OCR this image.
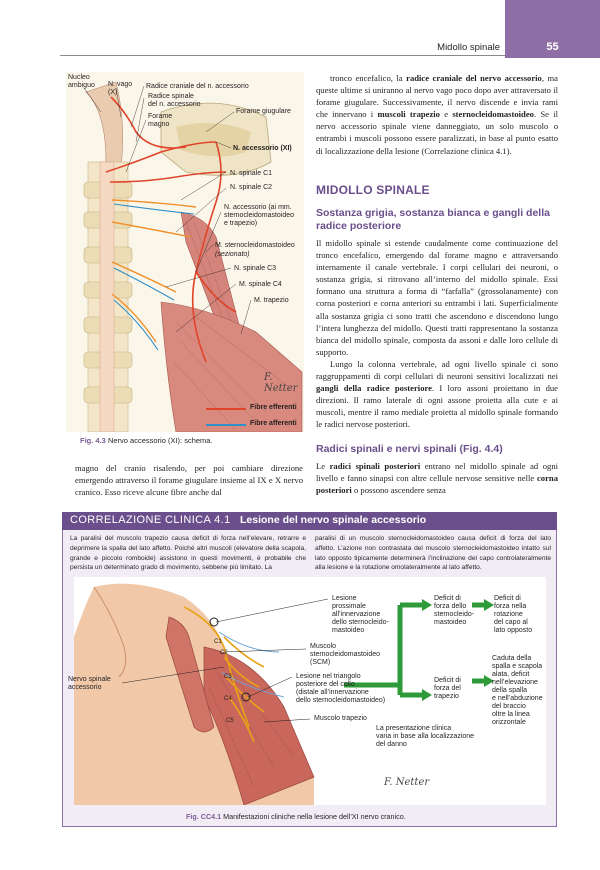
Midollo spinale	55
Nucleo
ambiguo N. vago
(X)
Radice craniale del n. accessorio
Radice spinale
del n. accessorio
Forame
magno
Forame giugulare
N. accessorio (XI)
N. spinale C1
N. spinale C2
N. accessorio (ai mm.
sternocleidomastoideo
e trapezio)
M. sternocleidomastoideo
(sezionato)
N. spinale C3
M. spinale C4
M. trapezio
F. Netter
Fibre efferenti
Fibre afferenti
Fig. 4.3 Nervo accessorio (XI): schema.

magno del cranio risalendo, per poi cambiare direzione emergendo attraverso il forame giugulare insieme al IX e X nervo cranico. Esso riceve alcune fibre anche dal

tronco encefalico, la radice craniale del nervo accessorio, ma queste ultime si uniranno al nervo vago poco dopo aver attraversato il forame giugulare. Successivamente, il nervo discende e invia rami che innervano i muscoli trapezio e sternocleidomastoideo. Se il nervo accessorio spinale viene danneggiato, un solo muscolo o entrambi i muscoli possono essere paralizzati, in base al punto esatto di localizzazione della lesione (Correlazione clinica 4.1).

MIDOLLO SPINALE
Sostanza grigia, sostanza bianca e gangli della radice posteriore

Il midollo spinale si estende caudalmente come continuazione del tronco encefalico, emergendo dal forame magno e attraversando internamente il canale vertebrale. I corpi cellulari dei neuroni, o sostanza grigia, si ritrovano all’interno del midollo spinale. Essi formano una struttura a forma di “farfalla” (grossolanamente) con corna posteriori e corna anteriori su entrambi i lati. Superficialmente alla sostanza grigia ci sono tratti che ascendono e discendono lungo l’intera lunghezza del midollo. Questi tratti rappresentano la sostanza bianca del midollo spinale, composta da assoni e dalle loro cellule di supporto.

Lungo la colonna vertebrale, ad ogni livello spinale ci sono raggruppamenti di corpi cellulari di neuroni sensitivi localizzati nei gangli della radice posteriore. I loro assoni proiettano in due direzioni. Il ramo laterale di ogni assone proietta alla cute e ai muscoli, mentre il ramo mediale proietta al midollo spinale formando le radici nervose posteriori.

Radici spinali e nervi spinali (Fig. 4.4)

Le radici spinali posteriori entrano nel midollo spinale ad ogni livello e fanno sinapsi con altre cellule nervose sensitive nelle corna posteriori o possono ascendere senza

CORRELAZIONE CLINICA 4.1 Lesione del nervo spinale accessorio
La paralisi del muscolo trapezio causa deficit di forza nell’elevare, retrarre e deprimere la spalla del lato affetto. Poiché altri muscoli (elevatore della scapola, grande e piccolo romboide) assistono in questi movimenti, è probabile che persista un determinato grado di movimento, sebbene più limitato. La
paralisi di un muscolo sternocleidomastoideo causa deficit di forza del lato affetto. L’azione non contrastata del muscolo sternocleidomastoideo intatto sul lato opposto tipicamente determinerà l’inclinazione del capo controlateralmente alla lesione e la rotazione omolateralmente al lato affetto.
C1
C2
C3
C4
C5
Nervo spinale
accessorio
Lesione
prossimale
all’innervazione
dello sternocleido-
mastoideo
Muscolo
sternocleidomastoideo
(SCM)
Lesione nel triangolo
posteriore del collo
(distale all’innervazione
dello sternocleidomastoideo)
Muscolo trapezio
Deficit di
forza dello
sternocleido-
mastoideo
Deficit di
forza nella
rotazione
del capo al
lato opposto
Deficit di
forza del
trapezio
Caduta della
spalla e scapola
alata, deficit
nell’elevazione
della spalla
e nell’abduzione
del braccio
oltre la linea
orizzontale
La presentazione clinica
varia in base alla localizzazione
del danno
F. Netter
Fig. CC4.1 Manifestazioni cliniche nella lesione dell’XI nervo cranico.
